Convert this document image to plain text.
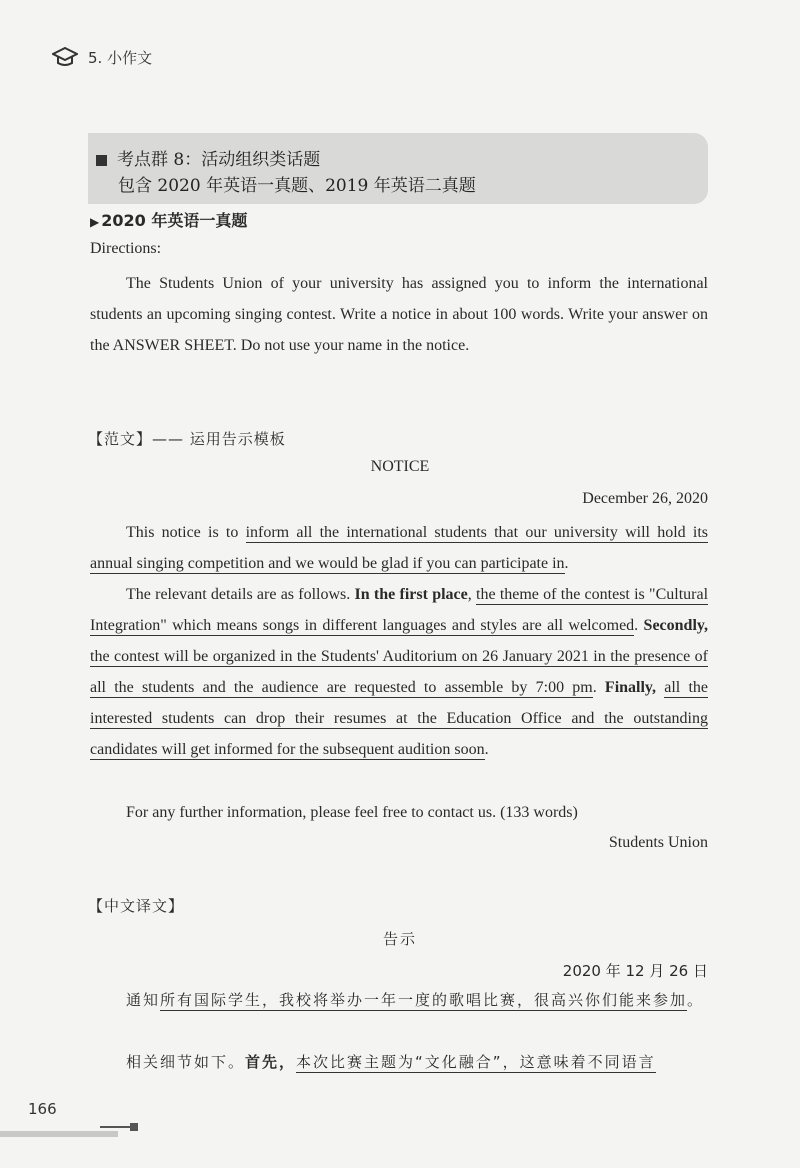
5. 小作文
考点群 8：活动组织类话题
包含 2020 年英语一真题、2019 年英语二真题
▶ 2020 年英语一真题
Directions:
The Students Union of your university has assigned you to inform the international students an upcoming singing contest. Write a notice in about 100 words. Write your answer on the ANSWER SHEET. Do not use your name in the notice.
【范文】—— 运用告示模板
NOTICE
December 26, 2020
This notice is to inform all the international students that our university will hold its annual singing competition and we would be glad if you can participate in.
The relevant details are as follows. In the first place, the theme of the contest is "Cultural Integration" which means songs in different languages and styles are all welcomed. Secondly, the contest will be organized in the Students' Auditorium on 26 January 2021 in the presence of all the students and the audience are requested to assemble by 7:00 pm. Finally, all the interested students can drop their resumes at the Education Office and the outstanding candidates will get informed for the subsequent audition soon.
For any further information, please feel free to contact us. (133 words)
Students Union
【中文译文】
告示
2020 年 12 月 26 日
通知所有国际学生，我校将举办一年一度的歌唱比赛，很高兴你们能来参加。
相关细节如下。首先，本次比赛主题为“文化融合”，这意味着不同语言
166
